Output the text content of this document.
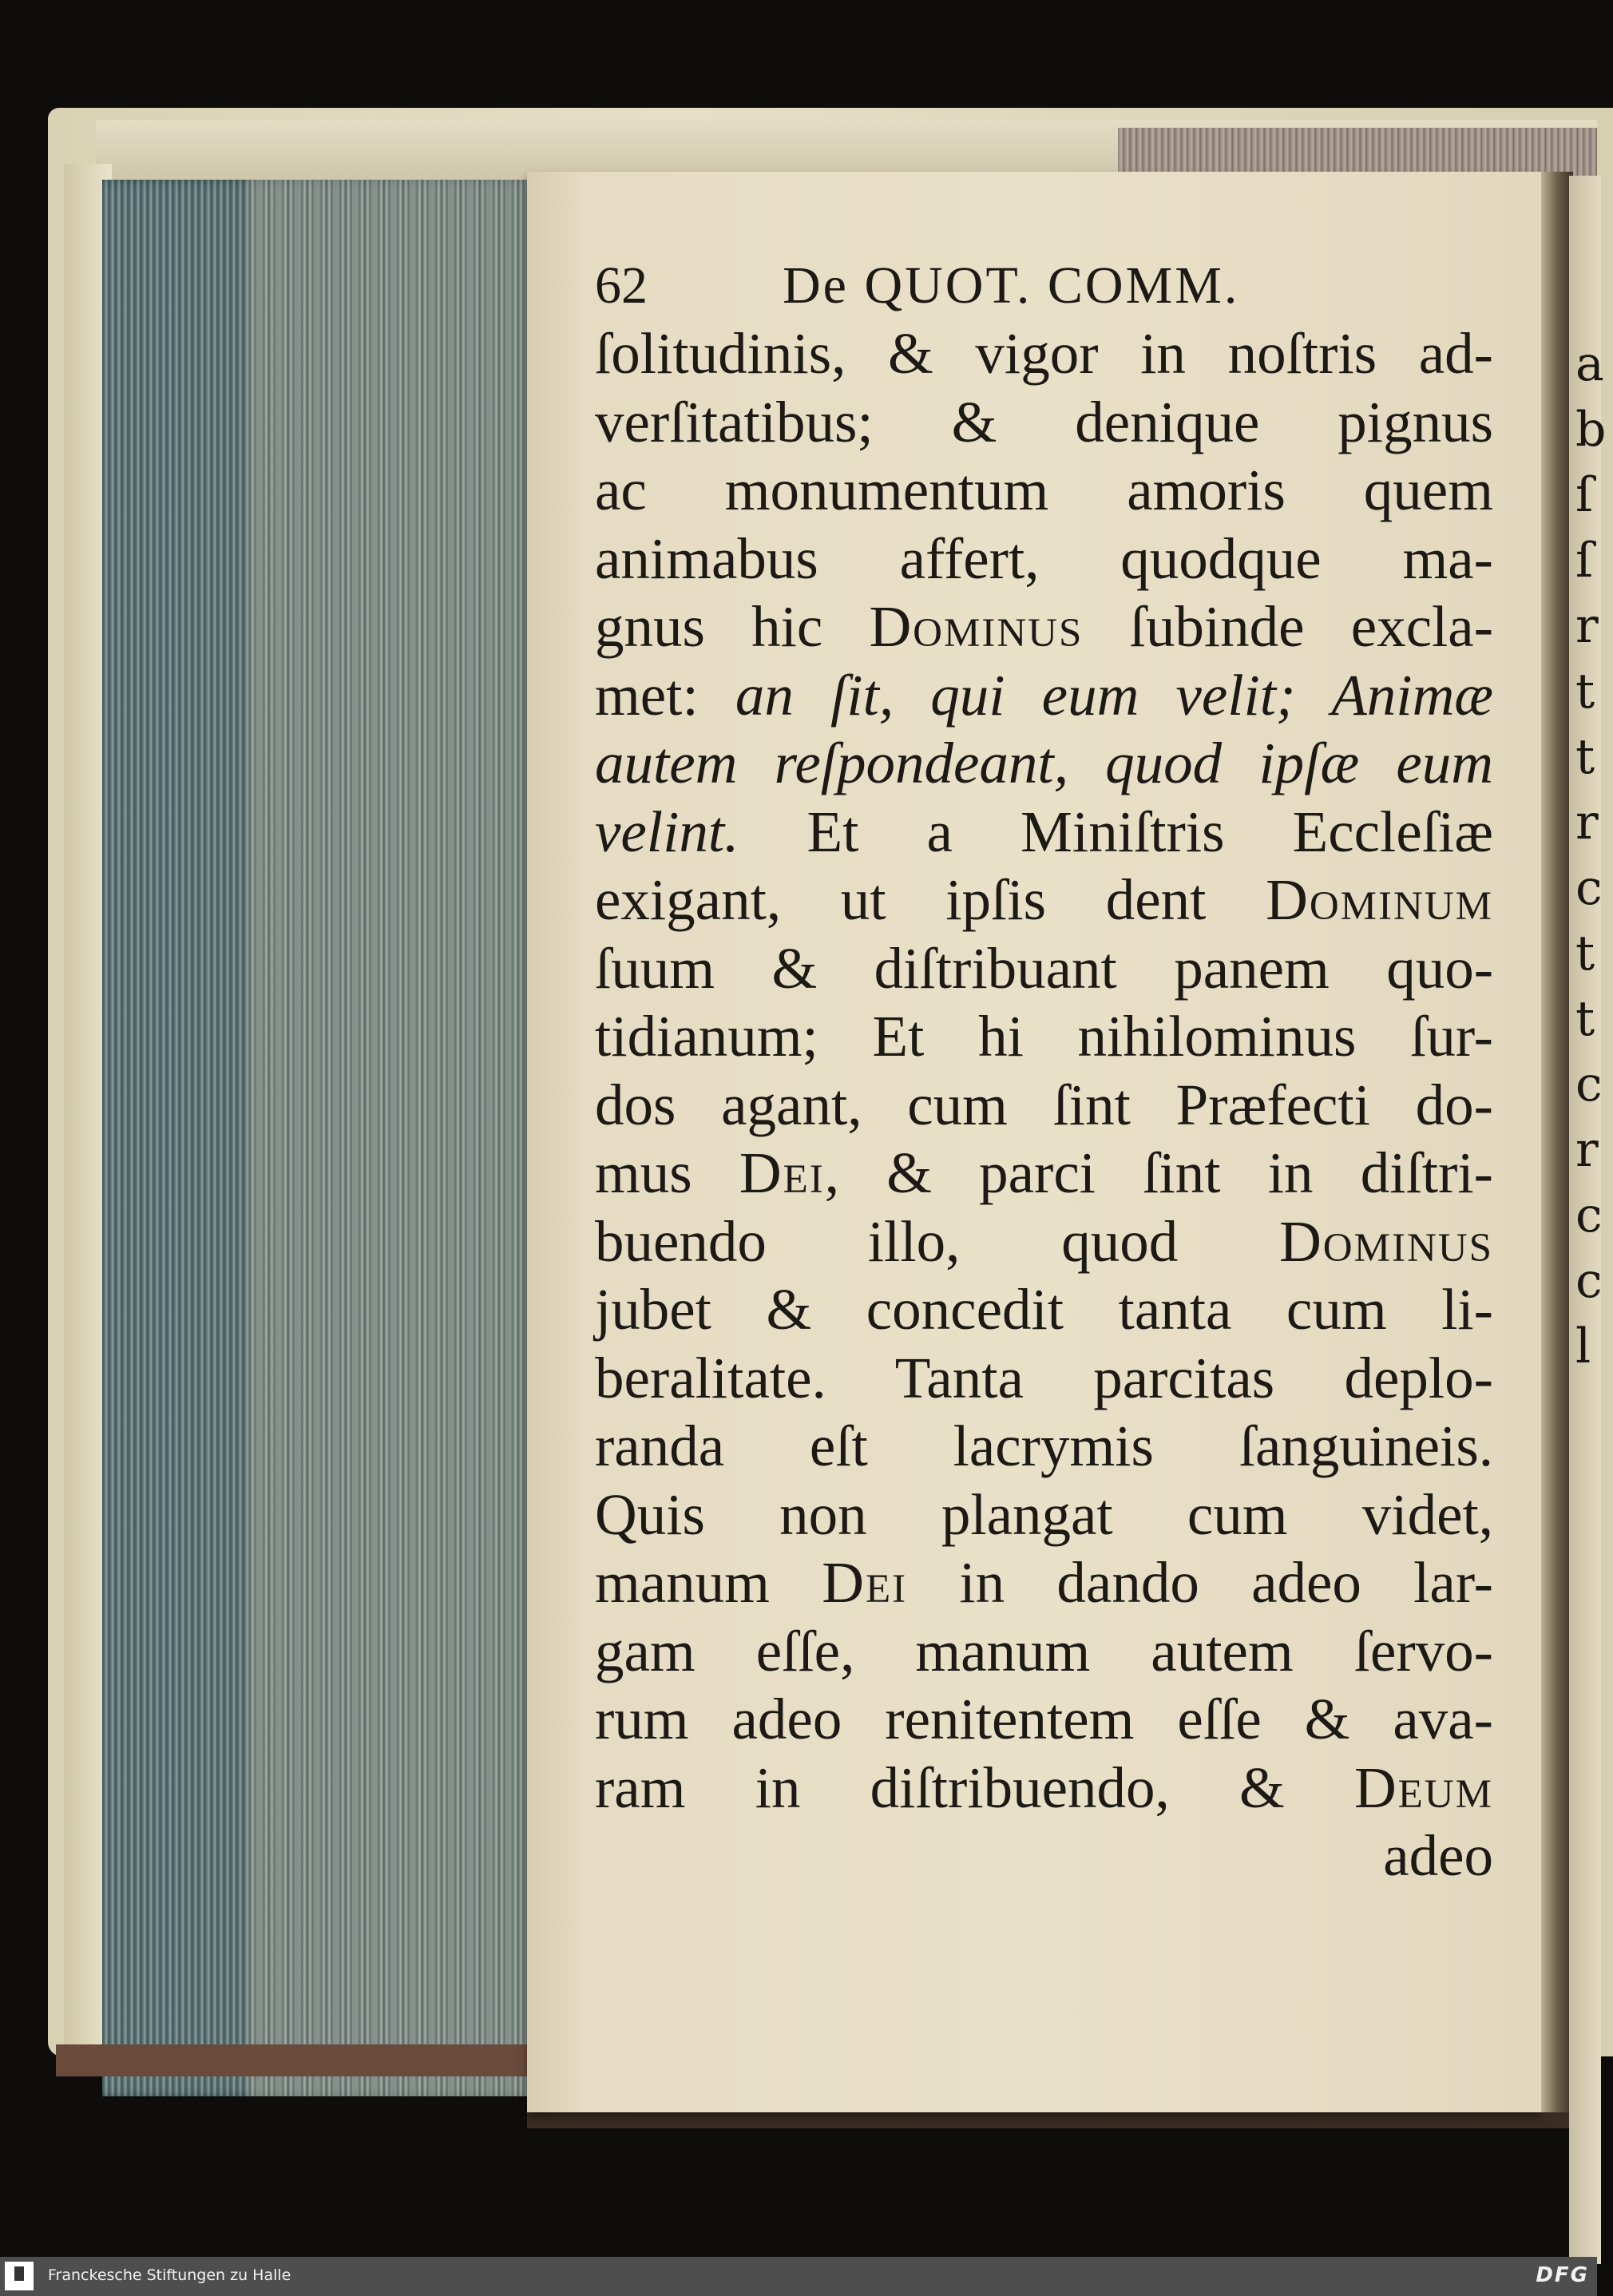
a
b
ſ
ſ
r
t
t
r
c
t
t
c
r
c
c
l
62	De QUOT. COMM.
ſolitudinis, & vigor in noſtris ad-
verſitatibus; & denique pignus
ac monumentum amoris quem
animabus affert, quodque ma-
gnus hic Dominus ſubinde excla-
met: an ſit, qui eum velit; Animæ
autem reſpondeant, quod ipſæ eum
velint. Et a Miniſtris Eccleſiæ
exigant, ut ipſis dent Dominum
ſuum & diſtribuant panem quo-
tidianum; Et hi nihilominus ſur-
dos agant, cum ſint Præfecti do-
mus Dei, & parci ſint in diſtri-
buendo illo, quod Dominus
jubet & concedit tanta cum li-
beralitate. Tanta parcitas deplo-
randa eſt lacrymis ſanguineis.
Quis non plangat cum videt,
manum Dei in dando adeo lar-
gam eſſe, manum autem ſervo-
rum adeo renitentem eſſe & ava-
ram in diſtribuendo, & Deum
adeo
Franckesche Stiftungen zu Halle	DFG
